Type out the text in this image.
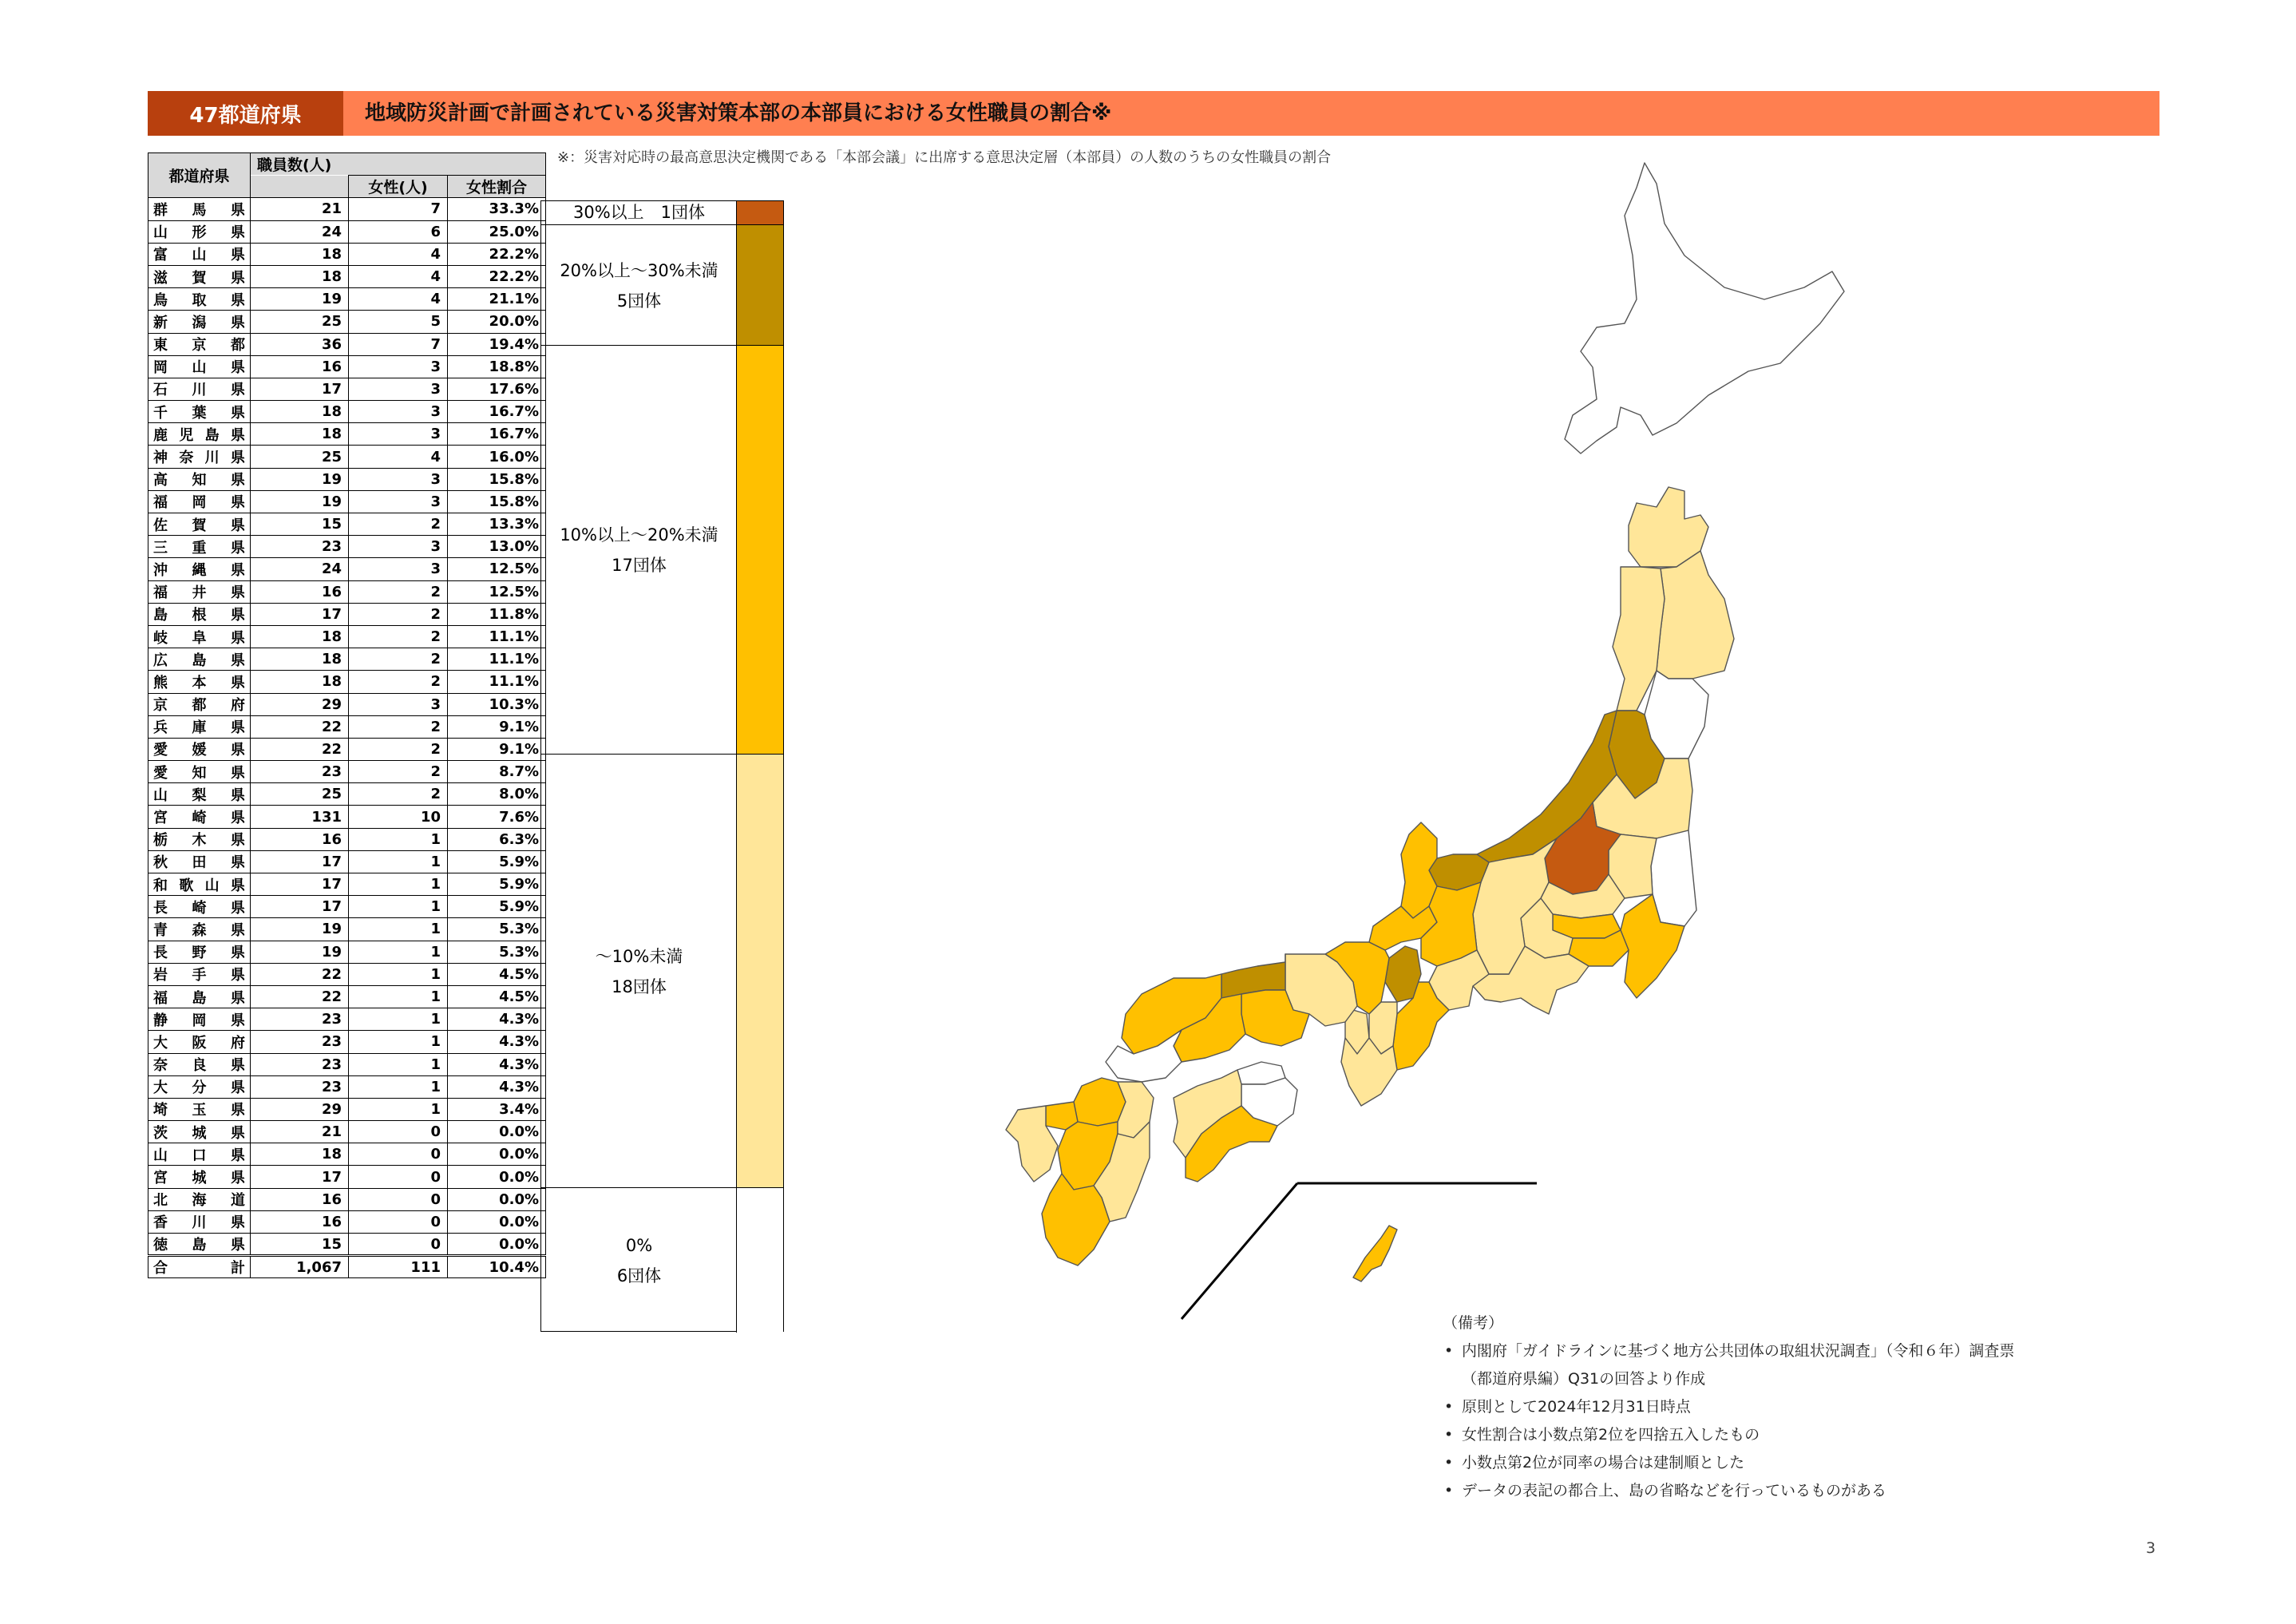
47都道府県	地域防災計画で計画されている災害対策本部の本部員における女性職員の割合※
※：災害対応時の最高意思決定機関である「本部会議」に出席する意思決定層（本部員）の人数のうちの女性職員の割合
都道府県	職員数(人)		
		女性(人)	女性割合
群馬県	21	7	33.3%
山形県	24	6	25.0%
富山県	18	4	22.2%
滋賀県	18	4	22.2%
鳥取県	19	4	21.1%
新潟県	25	5	20.0%
東京都	36	7	19.4%
岡山県	16	3	18.8%
石川県	17	3	17.6%
千葉県	18	3	16.7%
鹿児島県	18	3	16.7%
神奈川県	25	4	16.0%
高知県	19	3	15.8%
福岡県	19	3	15.8%
佐賀県	15	2	13.3%
三重県	23	3	13.0%
沖縄県	24	3	12.5%
福井県	16	2	12.5%
島根県	17	2	11.8%
岐阜県	18	2	11.1%
広島県	18	2	11.1%
熊本県	18	2	11.1%
京都府	29	3	10.3%
兵庫県	22	2	9.1%
愛媛県	22	2	9.1%
愛知県	23	2	8.7%
山梨県	25	2	8.0%
宮崎県	131	10	7.6%
栃木県	16	1	6.3%
秋田県	17	1	5.9%
和歌山県	17	1	5.9%
長崎県	17	1	5.9%
青森県	19	1	5.3%
長野県	19	1	5.3%
岩手県	22	1	4.5%
福島県	22	1	4.5%
静岡県	23	1	4.3%
大阪府	23	1	4.3%
奈良県	23	1	4.3%
大分県	23	1	4.3%
埼玉県	29	1	3.4%
茨城県	21	0	0.0%
山口県	18	0	0.0%
宮城県	17	0	0.0%
北海道	16	0	0.0%
香川県	16	0	0.0%
徳島県	15	0	0.0%
合計	1,067	111	10.4%
30%以上　 1団体
20%以上～30%未満
5団体
10%以上～20%未満
17団体
～10%未満
18団体
0%
6団体
（備考）
• 内閣府「ガイドラインに基づく地方公共団体の取組状況調査」（令和６年）調査票
（都道府県編）Q31の回答より作成
• 原則として2024年12月31日時点
• 女性割合は小数点第2位を四捨五入したもの
• 小数点第2位が同率の場合は建制順とした
• データの表記の都合上、島の省略などを行っているものがある
3
